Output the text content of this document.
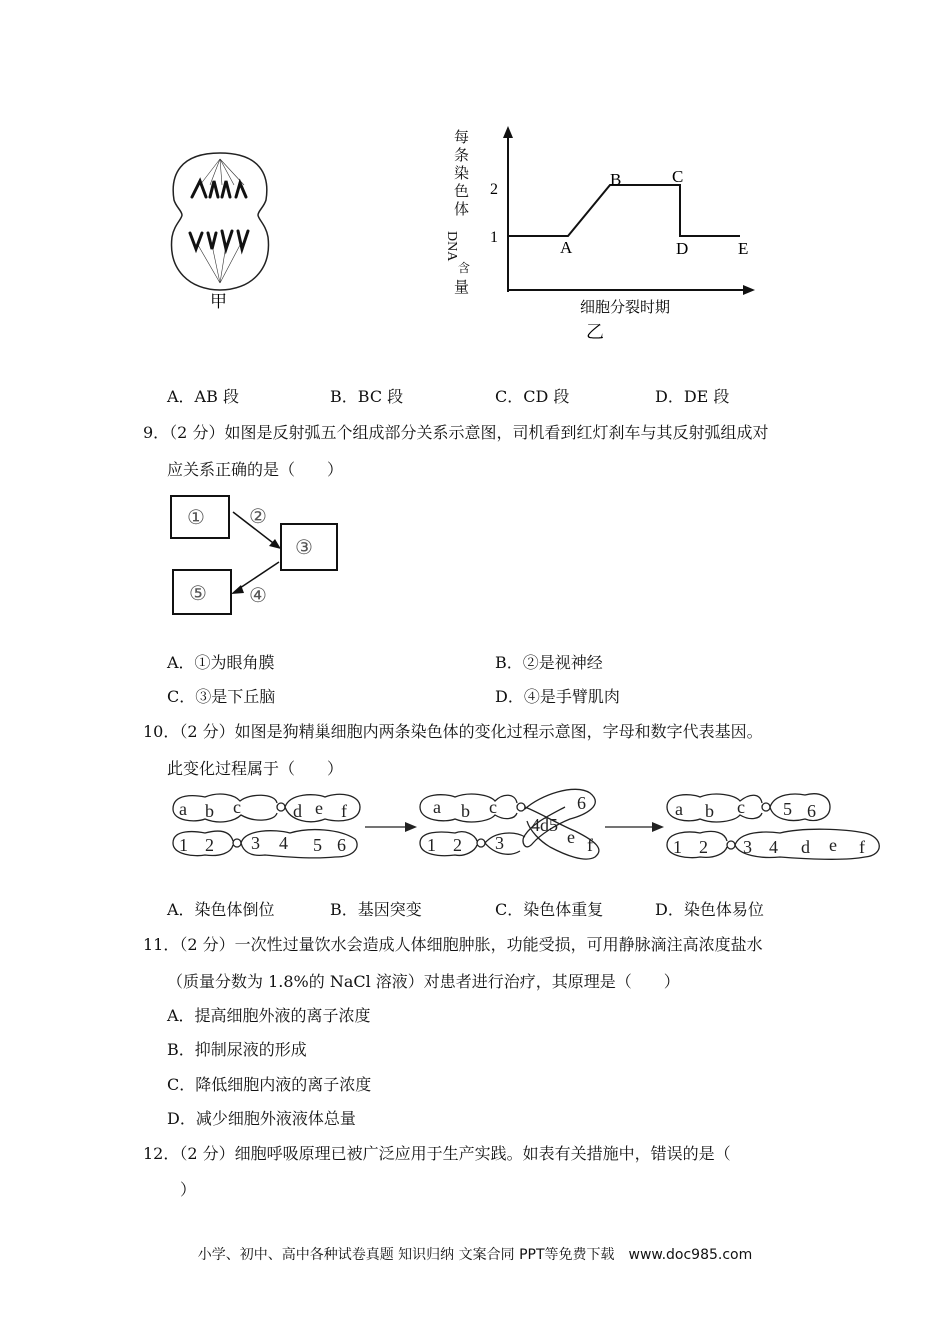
甲
每
条
染
色
体
DNA
含
量
2
1
A
B	C
D	E
细胞分裂时期
乙
A．AB 段	B．BC 段	C．CD 段	D．DE 段
9．（2 分）如图是反射弧五个组成部分关系示意图，司机看到红灯刹车与其反射弧组成对
应关系正确的是（　　）
① ②
③
④
⑤
A．①为眼角膜	B．②是视神经
C．③是下丘脑	D．④是手臂肌肉
10．（2 分）如图是狗精巢细胞内两条染色体的变化过程示意图，字母和数字代表基因。
此变化过程属于（　　）
a b c	d e f
1 2 3 4 5 6
a b c	6
4d5
1 2 3	e f
a b c 5 6
1 2 3 4 d e f
A．染色体倒位	B．基因突变	C．染色体重复	D．染色体易位
11．（2 分）一次性过量饮水会造成人体细胞肿胀，功能受损，可用静脉滴注高浓度盐水
（质量分数为 1.8%的 NaCl 溶液）对患者进行治疗，其原理是（　　）
A．提高细胞外液的离子浓度
B．抑制尿液的形成
C．降低细胞内液的离子浓度
D．减少细胞外液液体总量
12．（2 分）细胞呼吸原理已被广泛应用于生产实践。如表有关措施中，错误的是（
）
小学、初中、高中各种试卷真题 知识归纳 文案合同 PPT等免费下载　www.doc985.com
